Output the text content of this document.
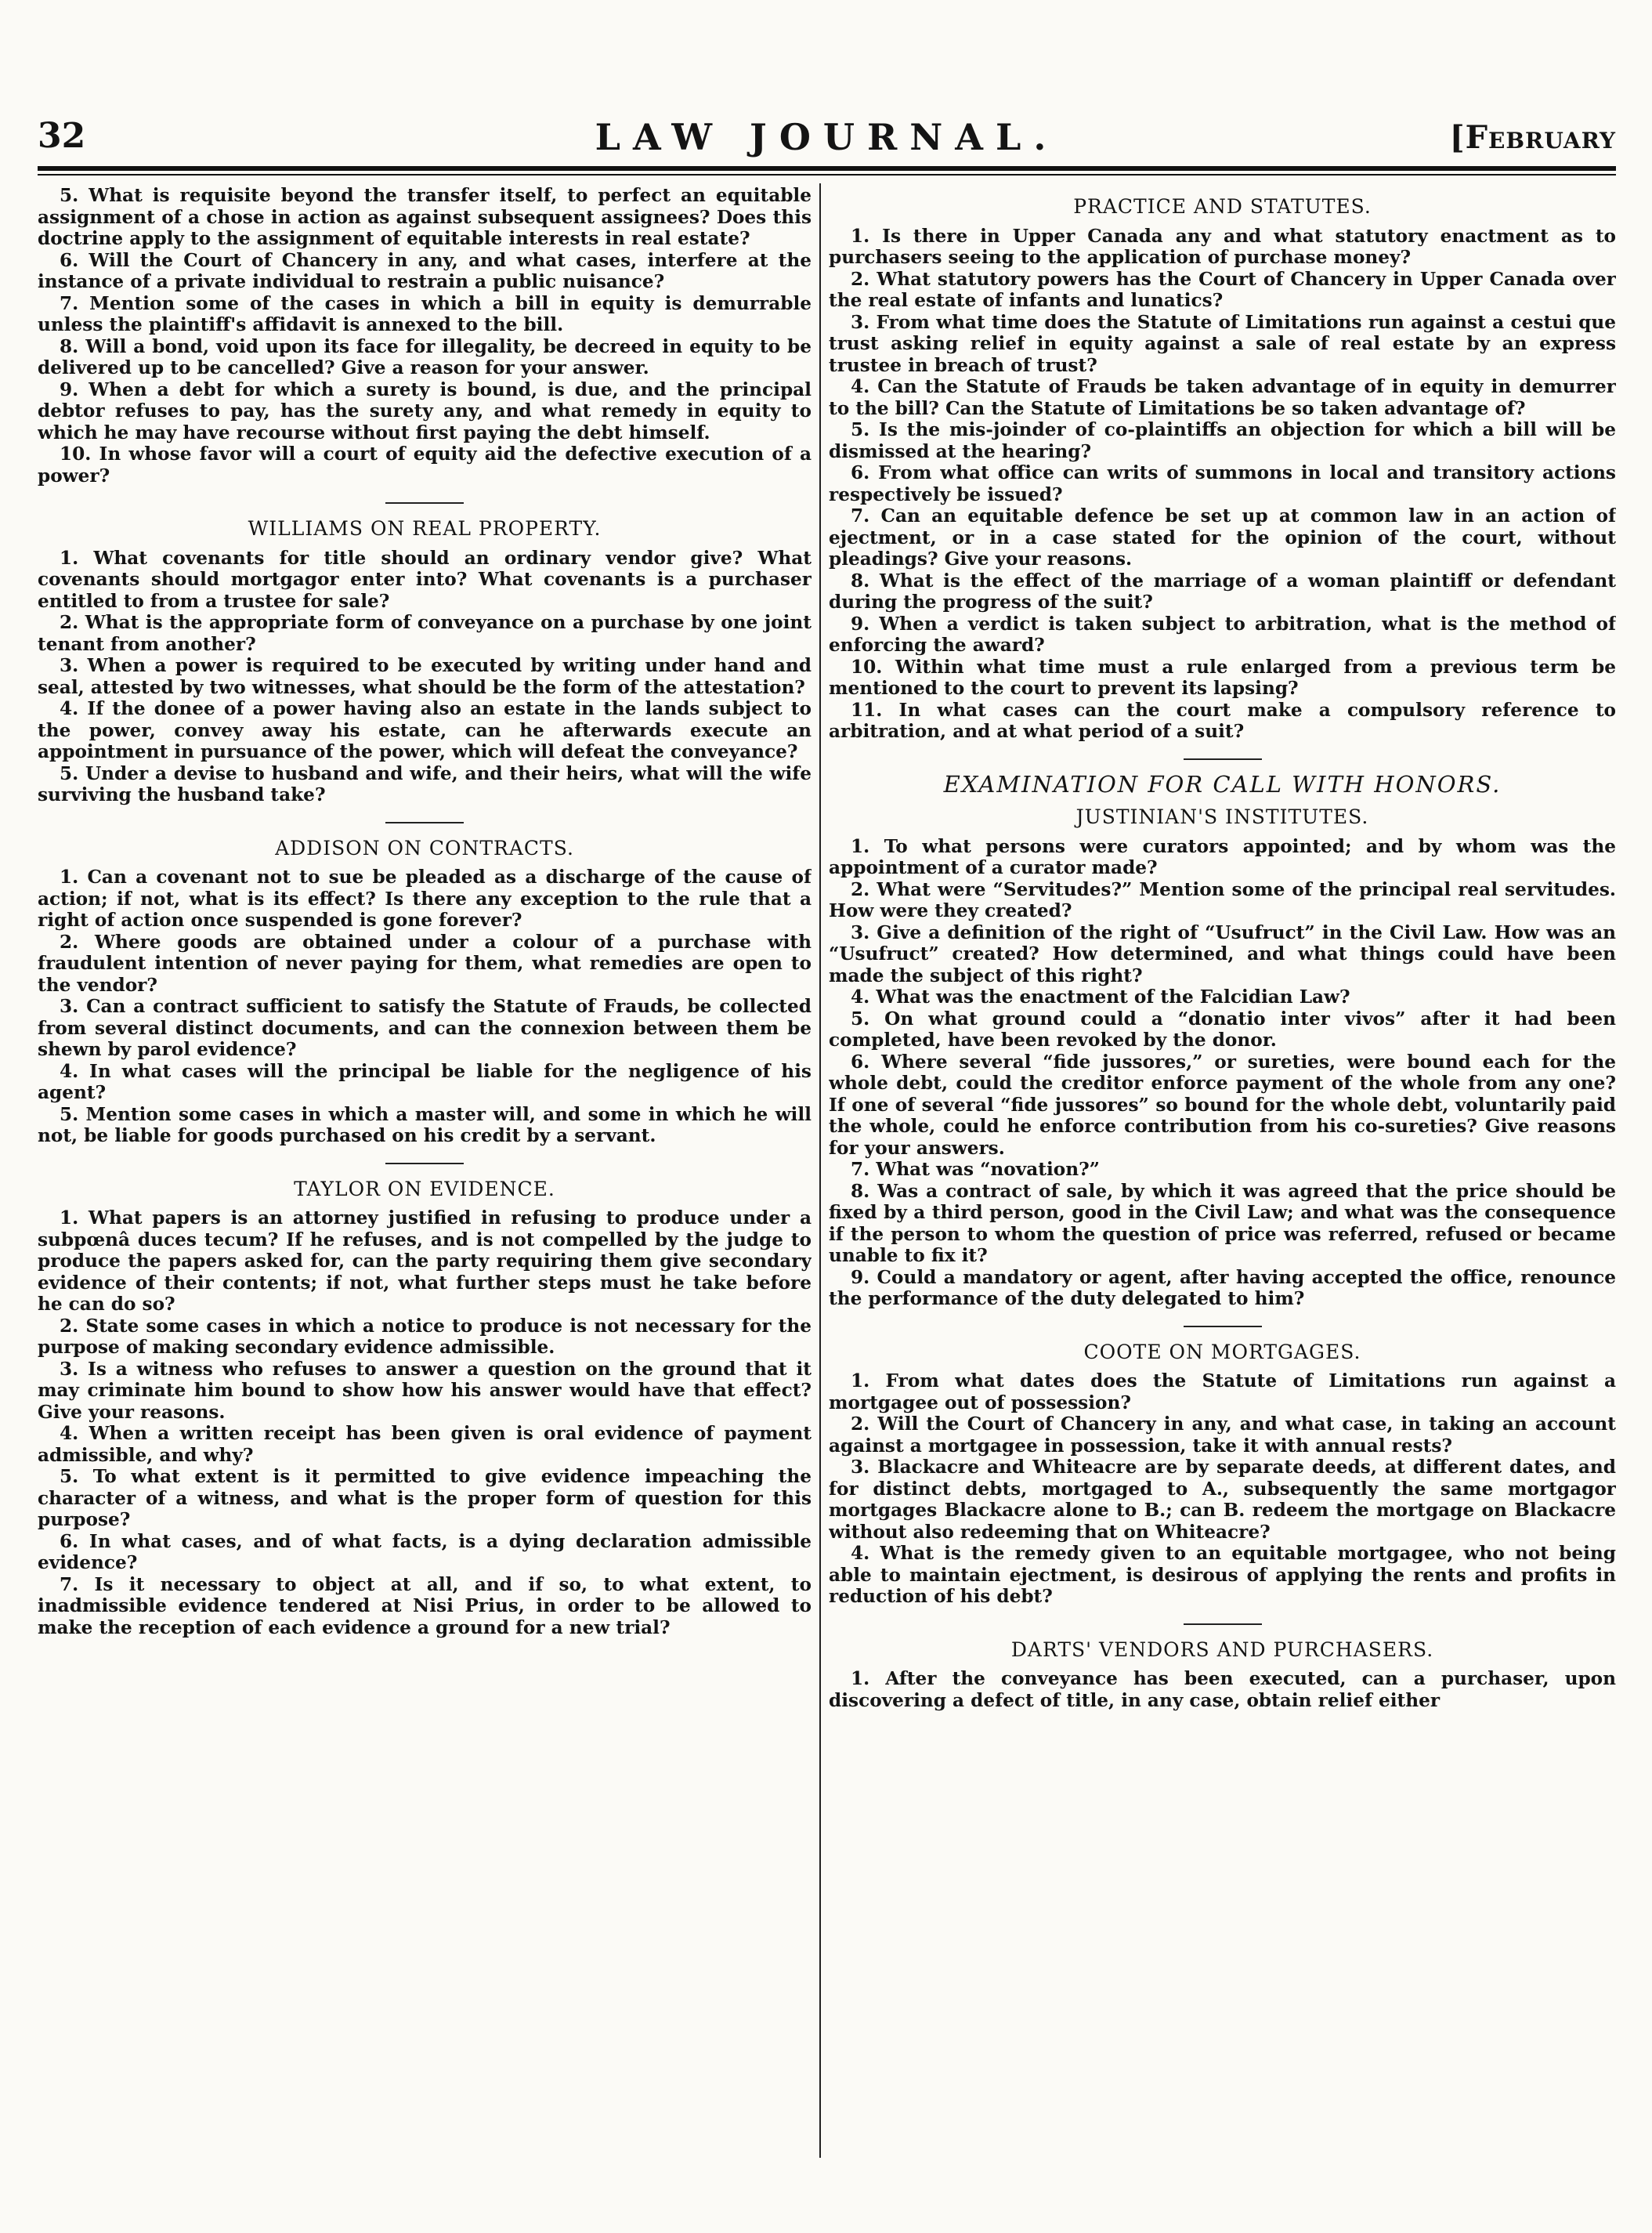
32	LAW JOURNAL.	[February

5. What is requisite beyond the transfer itself, to perfect an equitable assignment of a chose in action as against subsequent assignees? Does this doctrine apply to the assignment of equitable interests in real estate?

6. Will the Court of Chancery in any, and what cases, interfere at the instance of a private individual to restrain a public nuisance?

7. Mention some of the cases in which a bill in equity is demurrable unless the plaintiff's affidavit is annexed to the bill.

8. Will a bond, void upon its face for illegality, be decreed in equity to be delivered up to be cancelled? Give a reason for your answer.

9. When a debt for which a surety is bound, is due, and the principal debtor refuses to pay, has the surety any, and what remedy in equity to which he may have recourse without first paying the debt himself.

10. In whose favor will a court of equity aid the defective execution of a power?

WILLIAMS ON REAL PROPERTY.

1. What covenants for title should an ordinary vendor give? What covenants should mortgagor enter into? What covenants is a purchaser entitled to from a trustee for sale?

2. What is the appropriate form of conveyance on a purchase by one joint tenant from another?

3. When a power is required to be executed by writing under hand and seal, attested by two witnesses, what should be the form of the attestation?

4. If the donee of a power having also an estate in the lands subject to the power, convey away his estate, can he afterwards execute an appointment in pursuance of the power, which will defeat the conveyance?

5. Under a devise to husband and wife, and their heirs, what will the wife surviving the husband take?

ADDISON ON CONTRACTS.

1. Can a covenant not to sue be pleaded as a discharge of the cause of action; if not, what is its effect? Is there any exception to the rule that a right of action once suspended is gone forever?

2. Where goods are obtained under a colour of a purchase with fraudulent intention of never paying for them, what remedies are open to the vendor?

3. Can a contract sufficient to satisfy the Statute of Frauds, be collected from several distinct documents, and can the connexion between them be shewn by parol evidence?

4. In what cases will the principal be liable for the negligence of his agent?

5. Mention some cases in which a master will, and some in which he will not, be liable for goods purchased on his credit by a servant.

TAYLOR ON EVIDENCE.

1. What papers is an attorney justified in refusing to produce under a subpœnâ duces tecum? If he refuses, and is not compelled by the judge to produce the papers asked for, can the party requiring them give secondary evidence of their contents; if not, what further steps must he take before he can do so?

2. State some cases in which a notice to produce is not necessary for the purpose of making secondary evidence admissible.

3. Is a witness who refuses to answer a question on the ground that it may criminate him bound to show how his answer would have that effect? Give your reasons.

4. When a written receipt has been given is oral evidence of payment admissible, and why?

5. To what extent is it permitted to give evidence impeaching the character of a witness, and what is the proper form of question for this purpose?

6. In what cases, and of what facts, is a dying declaration admissible evidence?

7. Is it necessary to object at all, and if so, to what extent, to inadmissible evidence tendered at Nisi Prius, in order to be allowed to make the reception of each evidence a ground for a new trial?

PRACTICE AND STATUTES.

1. Is there in Upper Canada any and what statutory enactment as to purchasers seeing to the application of purchase money?

2. What statutory powers has the Court of Chancery in Upper Canada over the real estate of infants and lunatics?

3. From what time does the Statute of Limitations run against a cestui que trust asking relief in equity against a sale of real estate by an express trustee in breach of trust?

4. Can the Statute of Frauds be taken advantage of in equity in demurrer to the bill? Can the Statute of Limitations be so taken advantage of?

5. Is the mis-joinder of co-plaintiffs an objection for which a bill will be dismissed at the hearing?

6. From what office can writs of summons in local and transitory actions respectively be issued?

7. Can an equitable defence be set up at common law in an action of ejectment, or in a case stated for the opinion of the court, without pleadings? Give your reasons.

8. What is the effect of the marriage of a woman plaintiff or defendant during the progress of the suit?

9. When a verdict is taken subject to arbitration, what is the method of enforcing the award?

10. Within what time must a rule enlarged from a previous term be mentioned to the court to prevent its lapsing?

11. In what cases can the court make a compulsory reference to arbitration, and at what period of a suit?

EXAMINATION FOR CALL WITH HONORS.
JUSTINIAN'S INSTITUTES.

1. To what persons were curators appointed; and by whom was the appointment of a curator made?

2. What were “Servitudes?” Mention some of the principal real servitudes. How were they created?

3. Give a definition of the right of “Usufruct” in the Civil Law. How was an “Usufruct” created? How determined, and what things could have been made the subject of this right?

4. What was the enactment of the Falcidian Law?

5. On what ground could a “donatio inter vivos” after it had been completed, have been revoked by the donor.

6. Where several “fide jussores,” or sureties, were bound each for the whole debt, could the creditor enforce payment of the whole from any one? If one of several “fide jussores” so bound for the whole debt, voluntarily paid the whole, could he enforce contribution from his co-sureties? Give reasons for your answers.

7. What was “novation?”

8. Was a contract of sale, by which it was agreed that the price should be fixed by a third person, good in the Civil Law; and what was the consequence if the person to whom the question of price was referred, refused or became unable to fix it?

9. Could a mandatory or agent, after having accepted the office, renounce the performance of the duty delegated to him?

COOTE ON MORTGAGES.

1. From what dates does the Statute of Limitations run against a mortgagee out of possession?

2. Will the Court of Chancery in any, and what case, in taking an account against a mortgagee in possession, take it with annual rests?

3. Blackacre and Whiteacre are by separate deeds, at different dates, and for distinct debts, mortgaged to A., subsequently the same mortgagor mortgages Blackacre alone to B.; can B. redeem the mortgage on Blackacre without also redeeming that on Whiteacre?

4. What is the remedy given to an equitable mortgagee, who not being able to maintain ejectment, is desirous of applying the rents and profits in reduction of his debt?

DARTS' VENDORS AND PURCHASERS.

1. After the conveyance has been executed, can a purchaser, upon discovering a defect of title, in any case, obtain relief either
